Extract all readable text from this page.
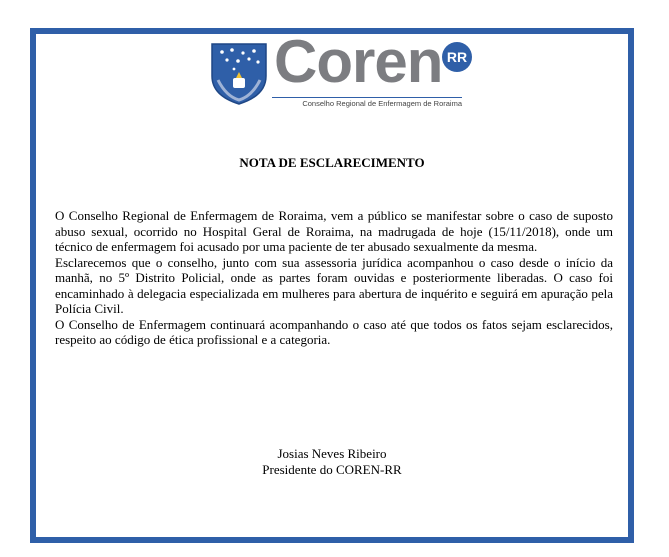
Coren RR
Conselho Regional de Enfermagem de Roraima
NOTA DE ESCLARECIMENTO

O Conselho Regional de Enfermagem de Roraima, vem a público se manifestar sobre o caso de suposto abuso sexual, ocorrido no Hospital Geral de Roraima, na madrugada de hoje (15/11/2018), onde um técnico de enfermagem foi acusado por uma paciente de ter abusado sexualmente da mesma.

Esclarecemos que o conselho, junto com sua assessoria jurídica acompanhou o caso desde o início da manhã, no 5º Distrito Policial, onde as partes foram ouvidas e posteriormente liberadas. O caso foi encaminhado à delegacia especializada em mulheres para abertura de inquérito e seguirá em apuração pela Polícia Civil.

O Conselho de Enfermagem continuará acompanhando o caso até que todos os fatos sejam esclarecidos, respeito ao código de ética profissional e a categoria.

Josias Neves Ribeiro
Presidente do COREN-RR
